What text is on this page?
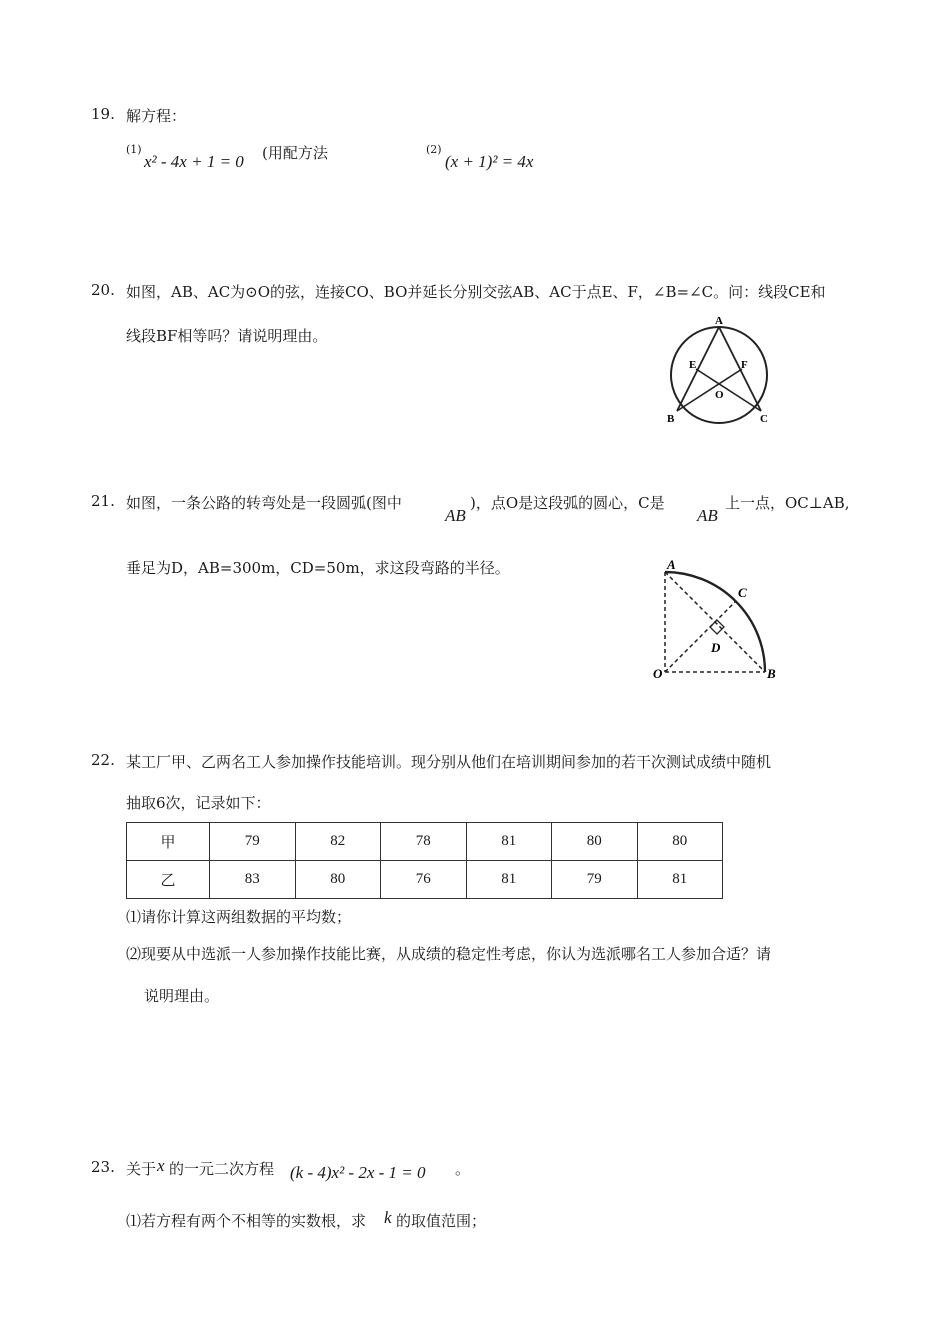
19. 解方程：
(1)
x² - 4x + 1 = 0 (用配方法	(2)
(x + 1)² = 4x
20. 如图，AB、AC为⊙O的弦，连接CO、BO并延长分别交弦AB、AC于点E、F，∠B=∠C。问：线段CE和
线段BF相等吗？请说明理由。
A
E	F
O
B	C
21. 如图，一条公路的转弯处是一段圆弧(图中
AB
)，点O是这段弧的圆心，C是
AB
上一点，OC⊥AB,
垂足为D，AB=300m，CD=50m，求这段弯路的半径。	A
C
D
O	B
22. 某工厂甲、乙两名工人参加操作技能培训。现分别从他们在培训期间参加的若干次测试成绩中随机
抽取6次，记录如下：
甲	79	82	78	81	80	80
乙	83	80	76	81	79	81
⑴请你计算这两组数据的平均数；
⑵现要从中选派一人参加操作技能比赛，从成绩的稳定性考虑，你认为选派哪名工人参加合适？请
说明理由。
23. 关于 x 的一元二次方程 (k - 4)x² - 2x - 1 = 0 。
⑴若方程有两个不相等的实数根，求 k 的取值范围；
